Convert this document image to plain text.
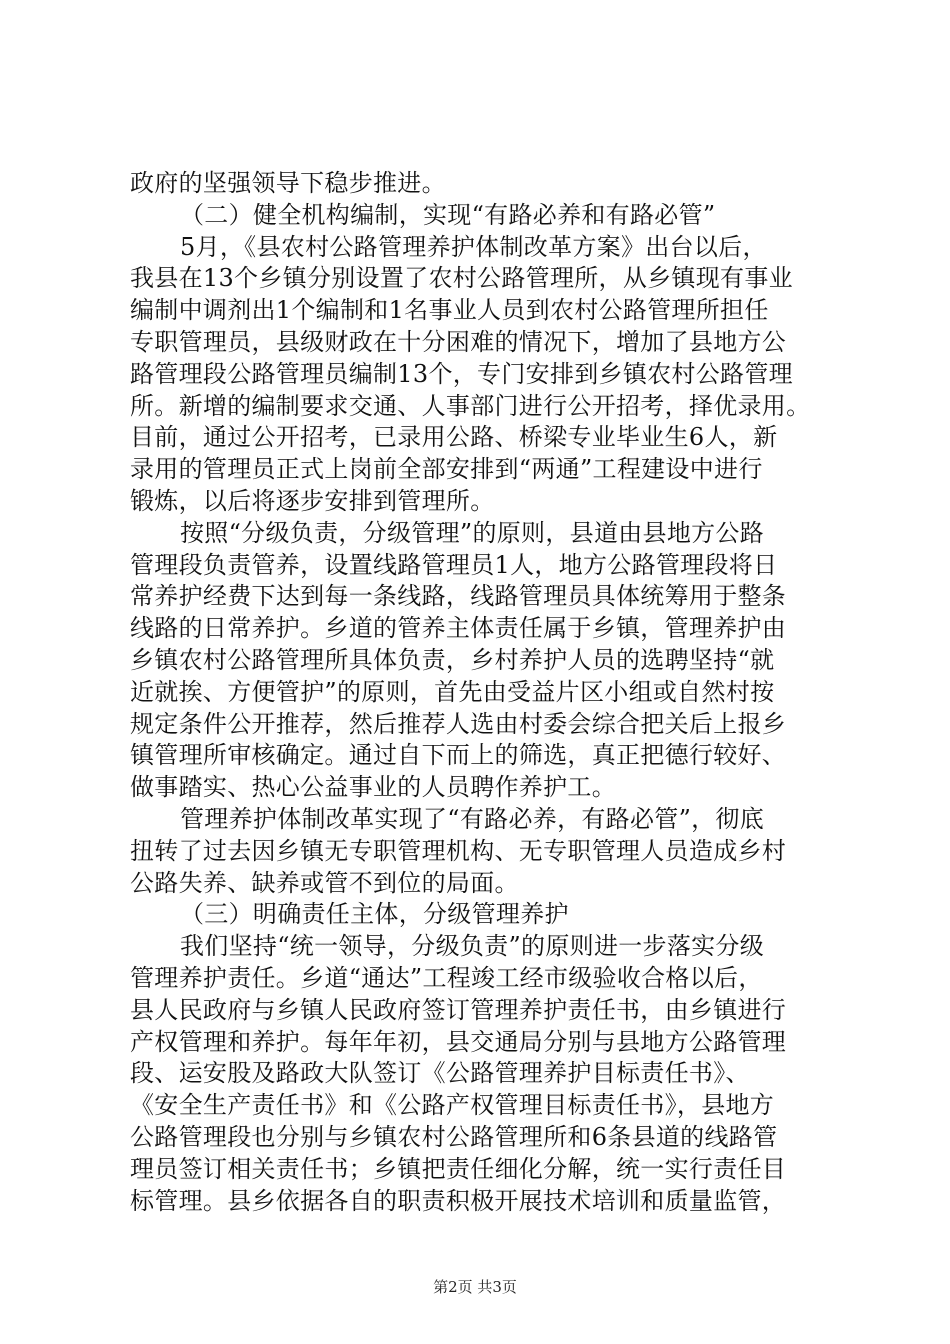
政府的坚强领导下稳步推进。
（二）健全机构编制，实现“有路必养和有路必管”
5月，《县农村公路管理养护体制改革方案》出台以后，
我县在13个乡镇分别设置了农村公路管理所，从乡镇现有事业
编制中调剂出1个编制和1名事业人员到农村公路管理所担任
专职管理员，县级财政在十分困难的情况下，增加了县地方公
路管理段公路管理员编制13个，专门安排到乡镇农村公路管理
所。新增的编制要求交通、人事部门进行公开招考，择优录用。
目前，通过公开招考，已录用公路、桥梁专业毕业生6人，新
录用的管理员正式上岗前全部安排到“两通”工程建设中进行
锻炼，以后将逐步安排到管理所。
按照“分级负责，分级管理”的原则，县道由县地方公路
管理段负责管养，设置线路管理员1人，地方公路管理段将日
常养护经费下达到每一条线路，线路管理员具体统筹用于整条
线路的日常养护。乡道的管养主体责任属于乡镇，管理养护由
乡镇农村公路管理所具体负责，乡村养护人员的选聘坚持“就
近就挨、方便管护”的原则，首先由受益片区小组或自然村按
规定条件公开推荐，然后推荐人选由村委会综合把关后上报乡
镇管理所审核确定。通过自下而上的筛选，真正把德行较好、
做事踏实、热心公益事业的人员聘作养护工。
管理养护体制改革实现了“有路必养，有路必管”，彻底
扭转了过去因乡镇无专职管理机构、无专职管理人员造成乡村
公路失养、缺养或管不到位的局面。
（三）明确责任主体，分级管理养护
我们坚持“统一领导，分级负责”的原则进一步落实分级
管理养护责任。乡道“通达”工程竣工经市级验收合格以后，
县人民政府与乡镇人民政府签订管理养护责任书，由乡镇进行
产权管理和养护。每年年初，县交通局分别与县地方公路管理
段、运安股及路政大队签订《公路管理养护目标责任书》、
《安全生产责任书》和《公路产权管理目标责任书》，县地方
公路管理段也分别与乡镇农村公路管理所和6条县道的线路管
理员签订相关责任书；乡镇把责任细化分解，统一实行责任目
标管理。县乡依据各自的职责积极开展技术培训和质量监管，
第2页 共3页
